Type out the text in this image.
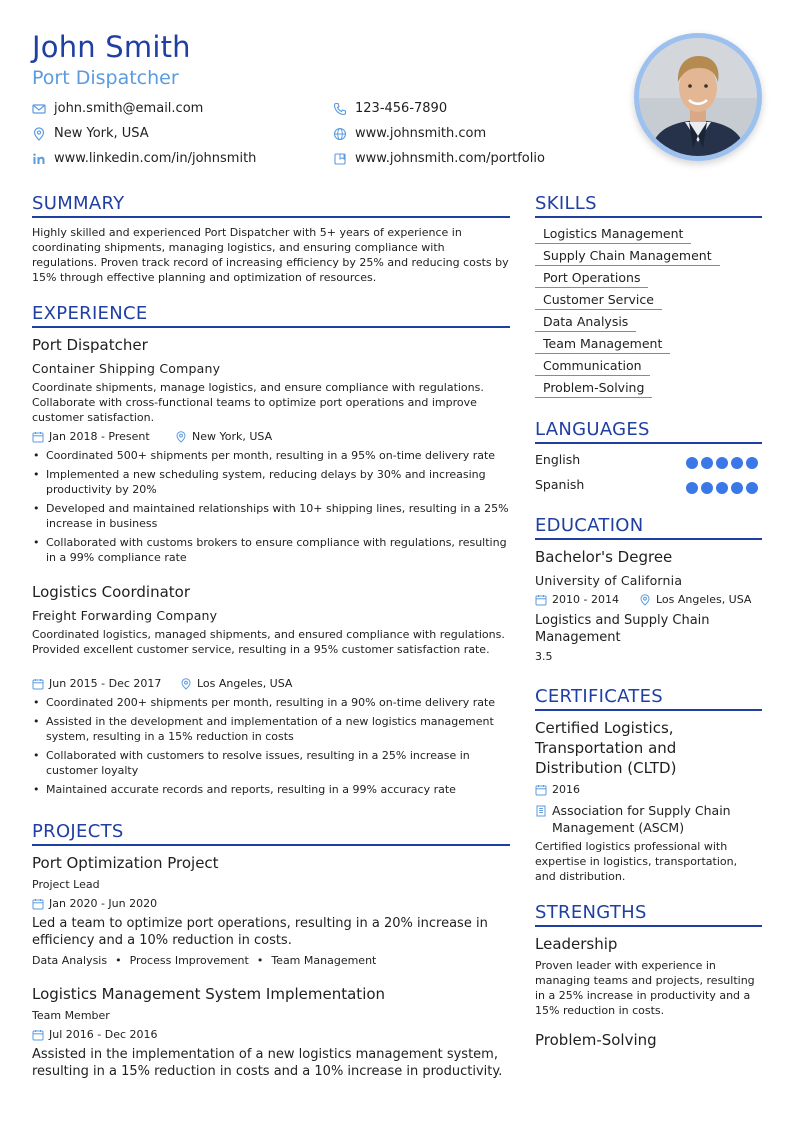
John Smith
Port Dispatcher
john.smith@email.com	123-456-7890
New York, USA	www.johnsmith.com
www.linkedin.com/in/johnsmith	www.johnsmith.com/portfolio
SUMMARY
Highly skilled and experienced Port Dispatcher with 5+ years of experience in coordinating shipments, managing logistics, and ensuring compliance with regulations. Proven track record of increasing efficiency by 25% and reducing costs by 15% through effective planning and optimization of resources.
EXPERIENCE
Port Dispatcher
Container Shipping Company
Coordinate shipments, manage logistics, and ensure compliance with regulations. Collaborate with cross-functional teams to optimize port operations and improve customer satisfaction.
Jan 2018 - Present	New York, USA
• Coordinated 500+ shipments per month, resulting in a 95% on-time delivery rate
• Implemented a new scheduling system, reducing delays by 30% and increasing productivity by 20%
• Developed and maintained relationships with 10+ shipping lines, resulting in a 25% increase in business
• Collaborated with customs brokers to ensure compliance with regulations, resulting in a 99% compliance rate
Logistics Coordinator
Freight Forwarding Company
Coordinated logistics, managed shipments, and ensured compliance with regulations. Provided excellent customer service, resulting in a 95% customer satisfaction rate.
Jun 2015 - Dec 2017	Los Angeles, USA
• Coordinated 200+ shipments per month, resulting in a 90% on-time delivery rate
• Assisted in the development and implementation of a new logistics management system, resulting in a 15% reduction in costs
• Collaborated with customers to resolve issues, resulting in a 25% increase in customer loyalty
• Maintained accurate records and reports, resulting in a 99% accuracy rate
PROJECTS
Port Optimization Project
Project Lead
Jan 2020 - Jun 2020
Led a team to optimize port operations, resulting in a 20% increase in efficiency and a 10% reduction in costs.
Data Analysis • Process Improvement • Team Management
Logistics Management System Implementation
Team Member
Jul 2016 - Dec 2016
Assisted in the implementation of a new logistics management system, resulting in a 15% reduction in costs and a 10% increase in productivity.
SKILLS
Logistics Management
Supply Chain Management
Port Operations
Customer Service
Data Analysis
Team Management
Communication
Problem-Solving
LANGUAGES
English
Spanish
EDUCATION
Bachelor's Degree
University of California
2010 - 2014	Los Angeles, USA
Logistics and Supply Chain Management
3.5
CERTIFICATES
Certified Logistics, Transportation and Distribution (CLTD)
2016
Association for Supply Chain Management (ASCM)
Certified logistics professional with expertise in logistics, transportation, and distribution.
STRENGTHS
Leadership
Proven leader with experience in managing teams and projects, resulting in a 25% increase in productivity and a 15% reduction in costs.
Problem-Solving
